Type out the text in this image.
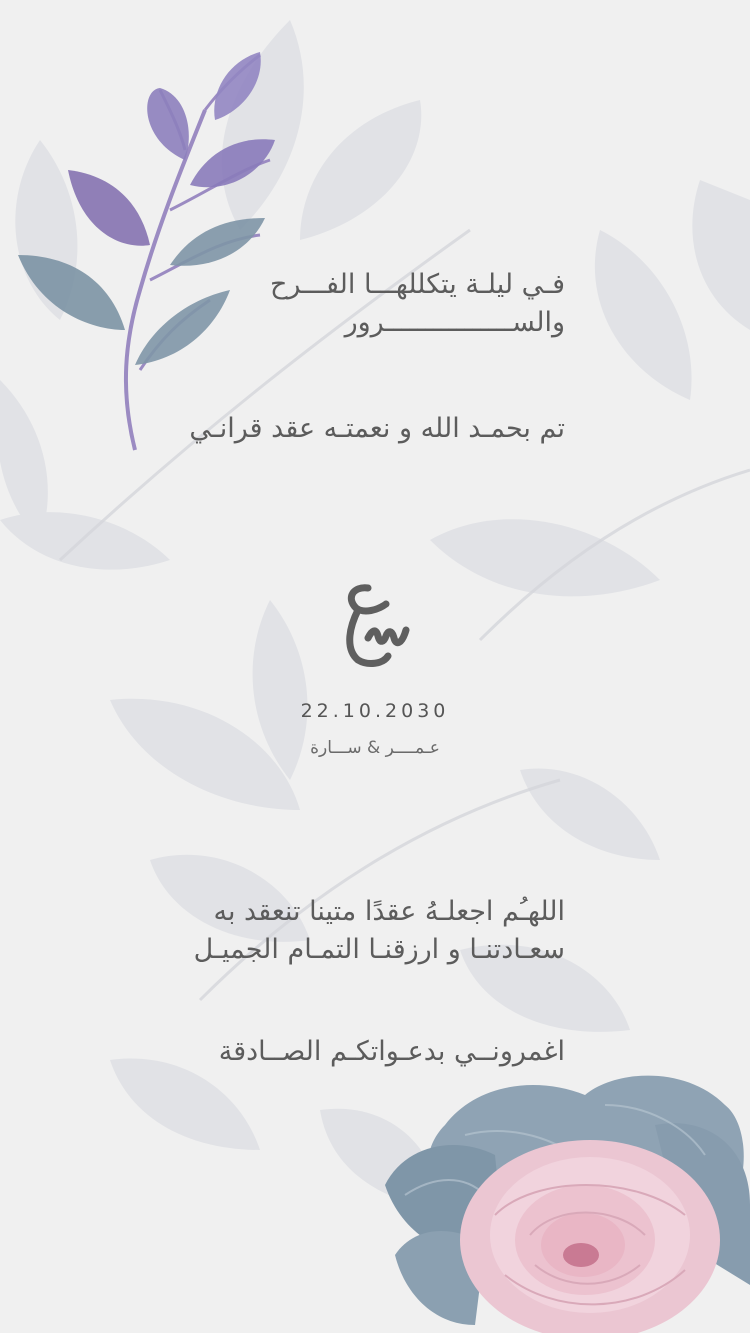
فـي ليلـة يتكللهـــا الفـــرح
والســــــــــــــــرور
تم بحمـد الله و نعمتـه عقد قرانـي
عس
22.10.2030
عـمــــر & ســـارة
اللهـُم اجعلـهُ عقدًا متينا تنعقد به
سعـادتنـا و ارزقنـا التمـام الجميـل
اغمرونــي بدعـواتكـم الصــادقة
